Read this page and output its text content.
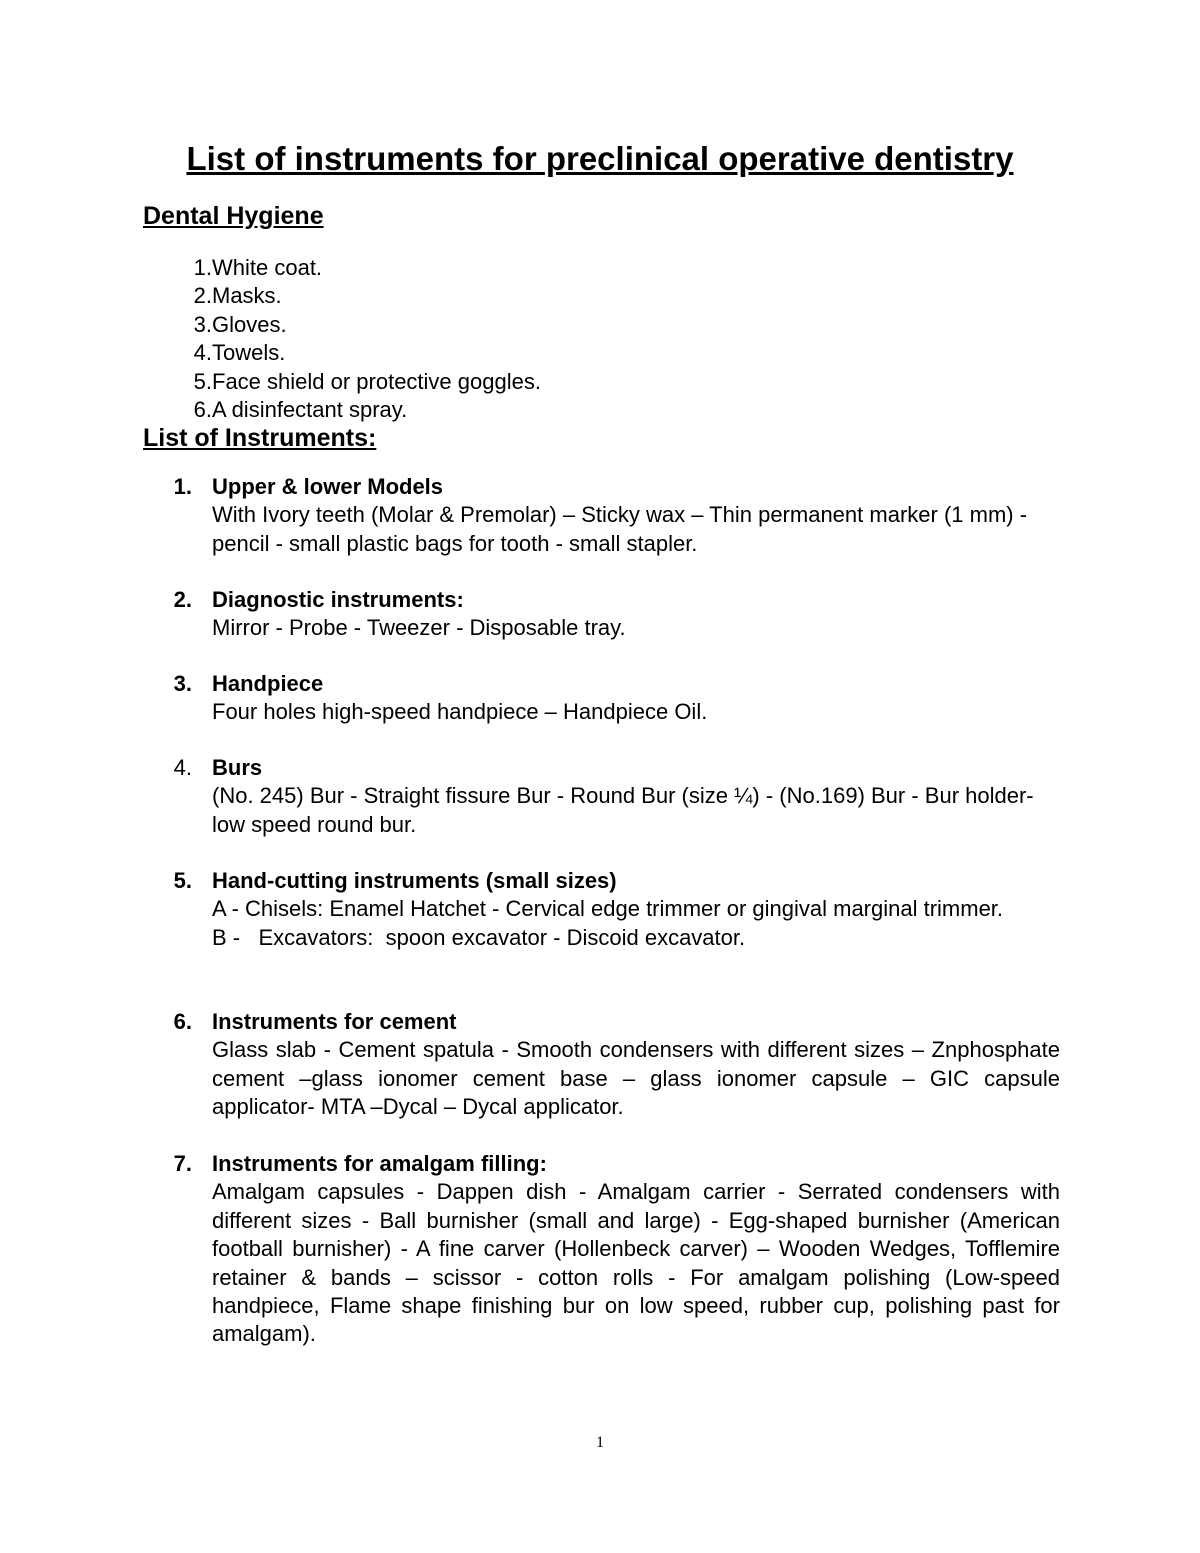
List of instruments for preclinical operative dentistry
Dental Hygiene
1. White coat.
2. Masks.
3. Gloves.
4. Towels.
5. Face shield or protective goggles.
6. A disinfectant spray.
List of Instruments:
1. Upper & lower Models
With Ivory teeth (Molar & Premolar) – Sticky wax – Thin permanent marker (1 mm) - pencil - small plastic bags for tooth - small stapler.
2. Diagnostic instruments:
Mirror - Probe - Tweezer - Disposable tray.
3. Handpiece
Four holes high-speed handpiece – Handpiece Oil.
4. Burs
(No. 245) Bur - Straight fissure Bur - Round Bur (size ¼) - (No.169) Bur - Bur holder- low speed round bur.
5. Hand-cutting instruments (small sizes)
A - Chisels: Enamel Hatchet - Cervical edge trimmer or gingival marginal trimmer.
B -   Excavators:  spoon excavator - Discoid excavator.
6. Instruments for cement
Glass slab - Cement spatula - Smooth condensers with different sizes – Znphosphate cement –glass ionomer cement base – glass ionomer capsule – GIC capsule applicator- MTA –Dycal – Dycal applicator.
7. Instruments for amalgam filling:
Amalgam capsules - Dappen dish - Amalgam carrier - Serrated condensers with different sizes - Ball burnisher (small and large) - Egg-shaped burnisher (American football burnisher) - A fine carver (Hollenbeck carver) – Wooden Wedges, Tofflemire retainer & bands – scissor - cotton rolls - For amalgam polishing (Low-speed handpiece, Flame shape finishing bur on low speed, rubber cup, polishing past for amalgam).
1
